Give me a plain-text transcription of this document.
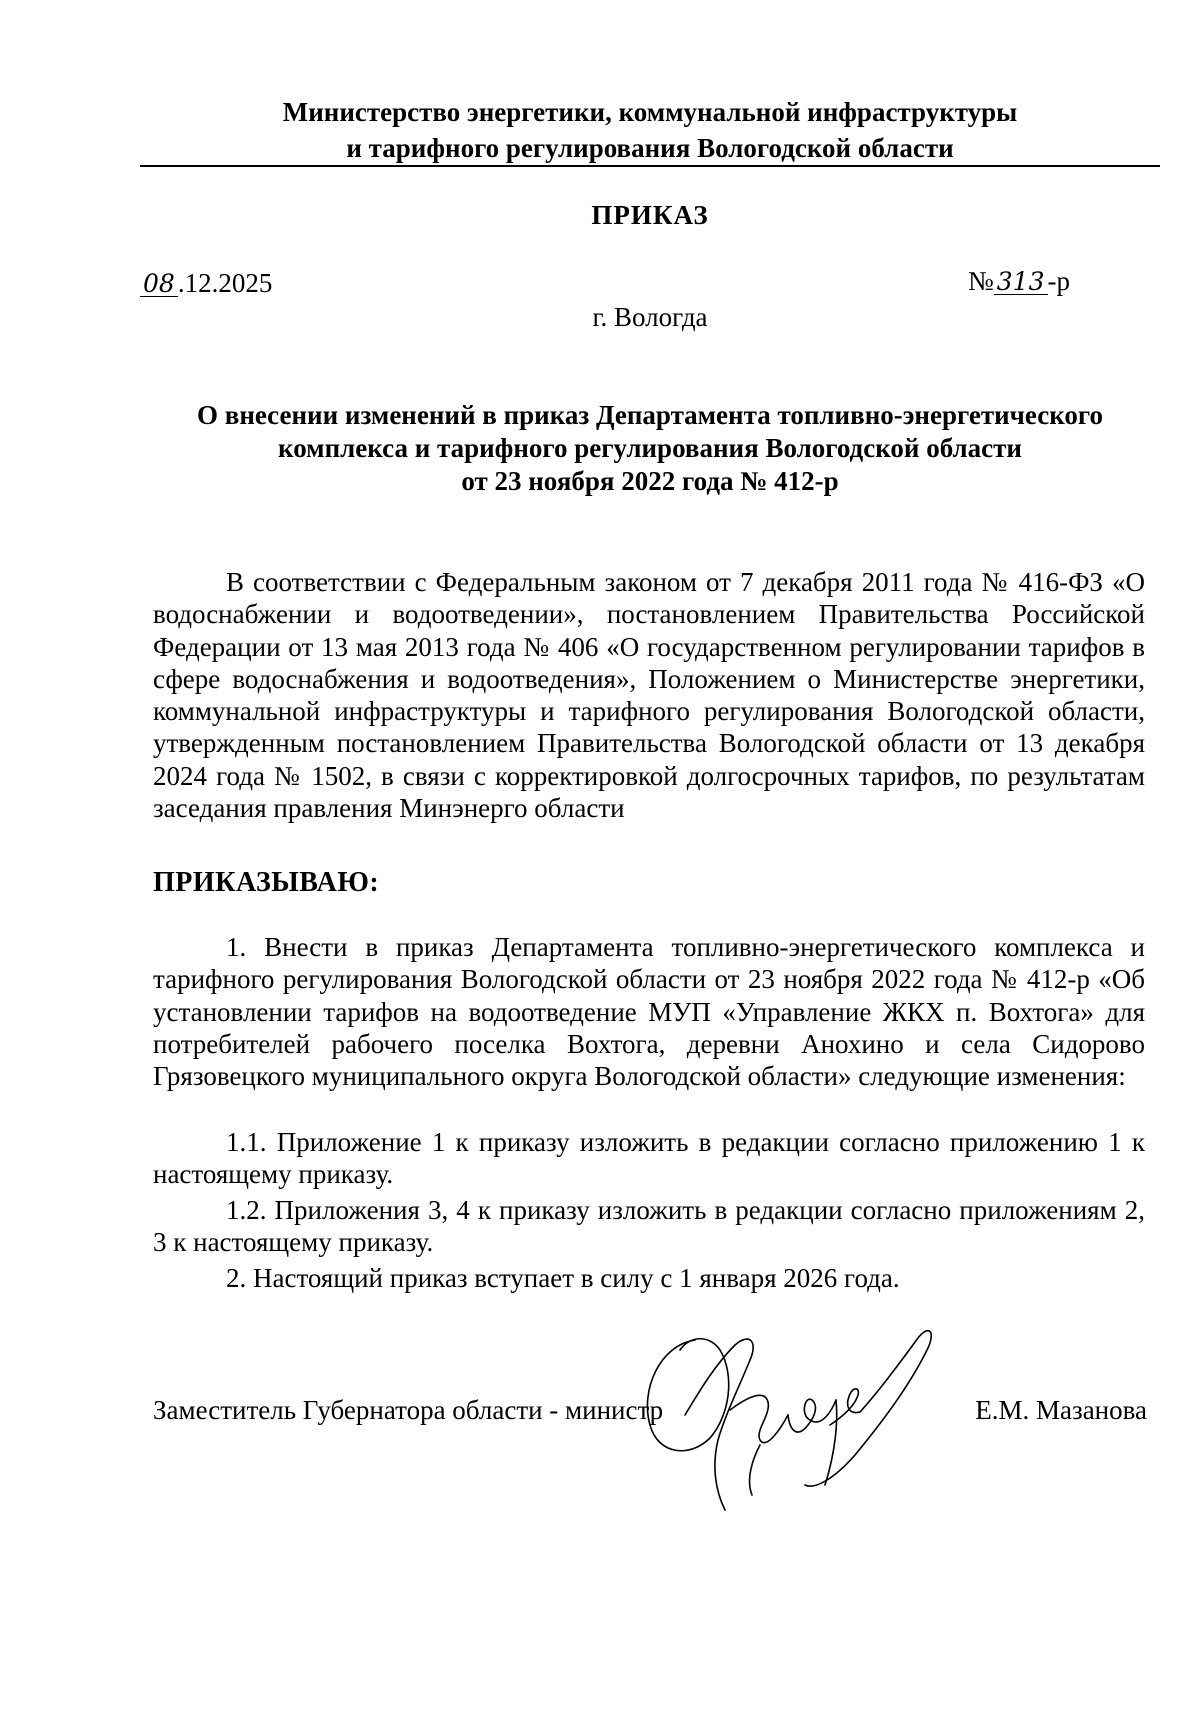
Министерство энергетики, коммунальной инфраструктуры
и тарифного регулирования Вологодской области
ПРИКАЗ
08 .12.2025	№ 313 -р
г. Вологда
О внесении изменений в приказ Департамента топливно-энергетического
комплекса и тарифного регулирования Вологодской области
от 23 ноября 2022 года № 412-р
В соответствии с Федеральным законом от 7 декабря 2011 года № 416-ФЗ «О водоснабжении и водоотведении», постановлением Правительства Российской Федерации от 13 мая 2013 года № 406 «О государственном регулировании тарифов в сфере водоснабжения и водоотведения», Положением о Министерстве энергетики, коммунальной инфраструктуры и тарифного регулирования Вологодской области, утвержденным постановлением Правительства Вологодской области от 13 декабря 2024 года № 1502, в связи с корректировкой долгосрочных тарифов, по результатам заседания правления Минэнерго области
ПРИКАЗЫВАЮ:
1. Внести в приказ Департамента топливно-энергетического комплекса и тарифного регулирования Вологодской области от 23 ноября 2022 года № 412-р «Об установлении тарифов на водоотведение МУП «Управление ЖКХ п. Вохтога» для потребителей рабочего поселка Вохтога, деревни Анохино и села Сидорово Грязовецкого муниципального округа Вологодской области» следующие изменения:
1.1. Приложение 1 к приказу изложить в редакции согласно приложению 1 к настоящему приказу.
1.2. Приложения 3, 4 к приказу изложить в редакции согласно приложениям 2, 3 к настоящему приказу.
2. Настоящий приказ вступает в силу с 1 января 2026 года.
Заместитель Губернатора области - министр	Е.М. Мазанова
